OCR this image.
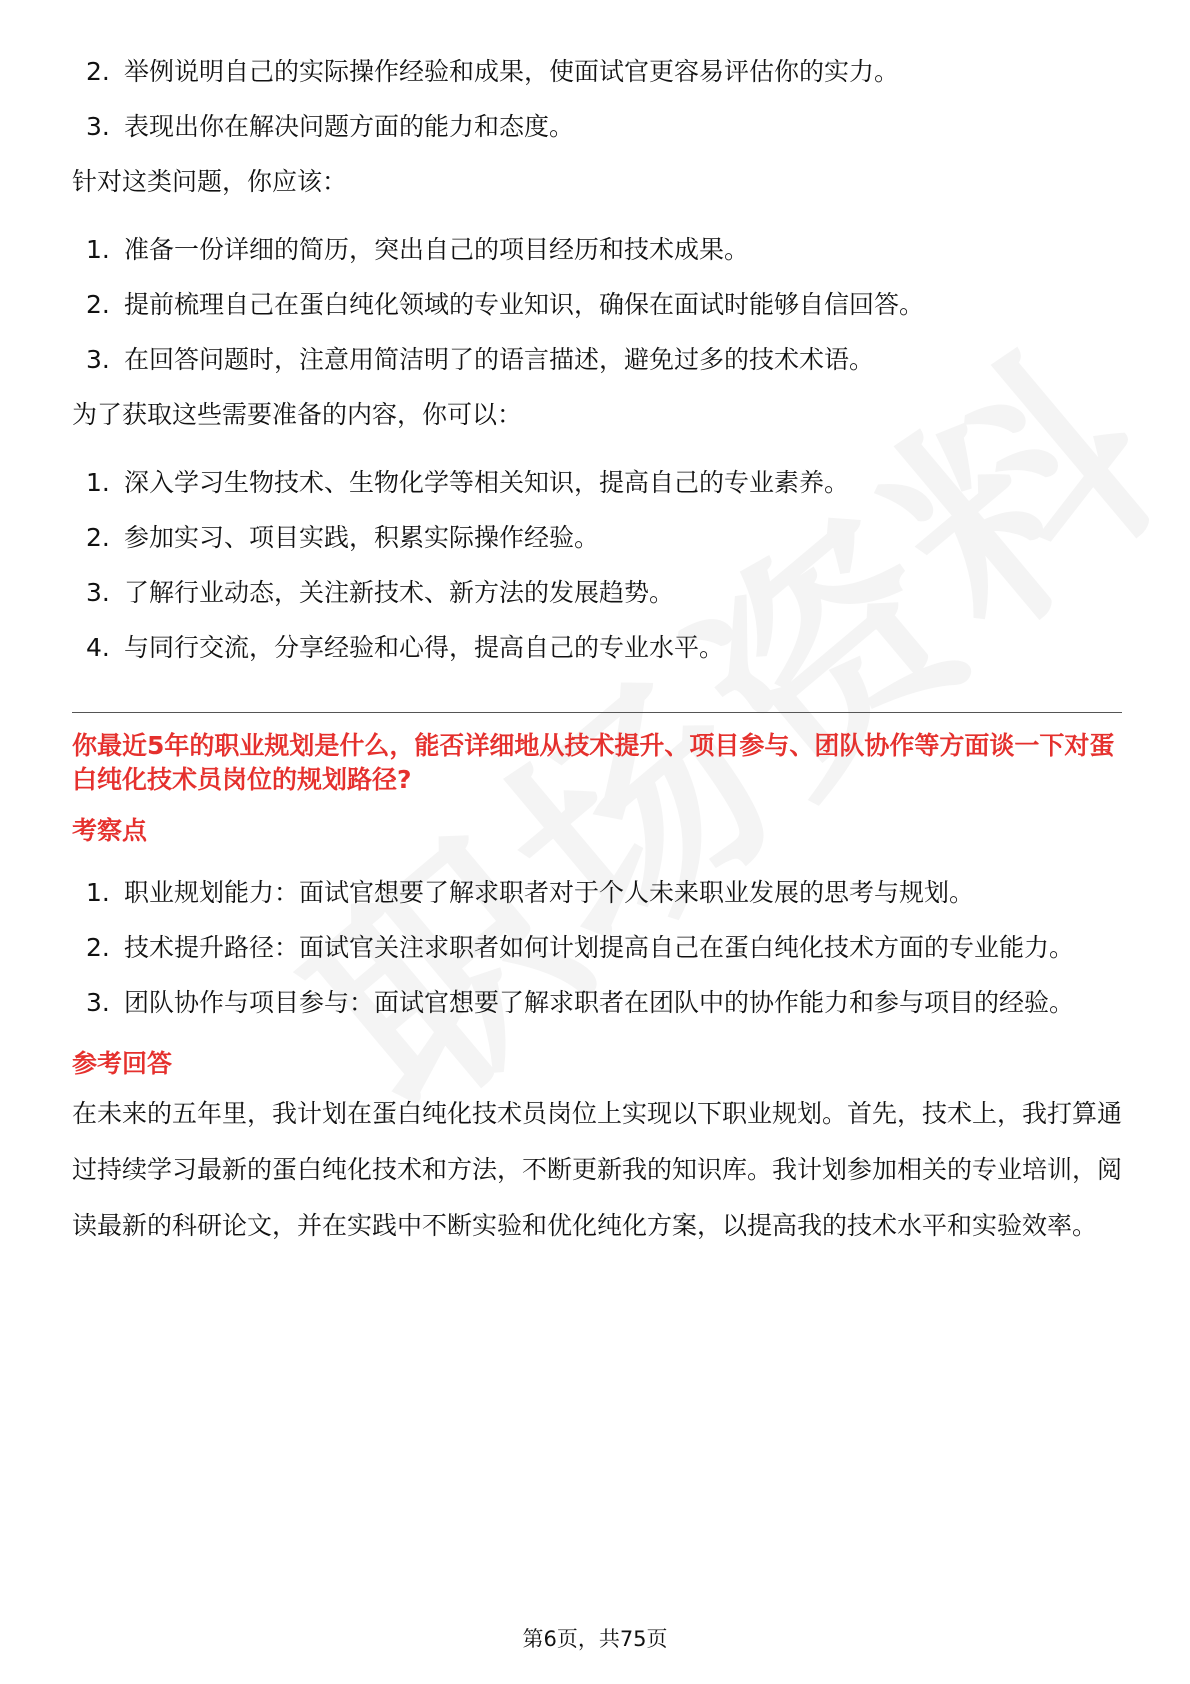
2. 举例说明自己的实际操作经验和成果，使面试官更容易评估你的实力。
3. 表现出你在解决问题方面的能力和态度。

针对这类问题，你应该：

1. 准备一份详细的简历，突出自己的项目经历和技术成果。
2. 提前梳理自己在蛋白纯化领域的专业知识，确保在面试时能够自信回答。
3. 在回答问题时，注意用简洁明了的语言描述，避免过多的技术术语。

为了获取这些需要准备的内容，你可以：

1. 深入学习生物技术、生物化学等相关知识，提高自己的专业素养。
2. 参加实习、项目实践，积累实际操作经验。
3. 了解行业动态，关注新技术、新方法的发展趋势。
4. 与同行交流，分享经验和心得，提高自己的专业水平。
你最近5年的职业规划是什么，能否详细地从技术提升、项目参与、团队协作等方面谈一下对蛋白纯化技术员岗位的规划路径?
考察点
1. 职业规划能力：面试官想要了解求职者对于个人未来职业发展的思考与规划。
2. 技术提升路径：面试官关注求职者如何计划提高自己在蛋白纯化技术方面的专业能力。
3. 团队协作与项目参与：面试官想要了解求职者在团队中的协作能力和参与项目的经验。
参考回答

在未来的五年里，我计划在蛋白纯化技术员岗位上实现以下职业规划。首先，技术上，我打算通过持续学习最新的蛋白纯化技术和方法，不断更新我的知识库。我计划参加相关的专业培训，阅读最新的科研论文，并在实践中不断实验和优化纯化方案，以提高我的技术水平和实验效率。

第6页，共75页
